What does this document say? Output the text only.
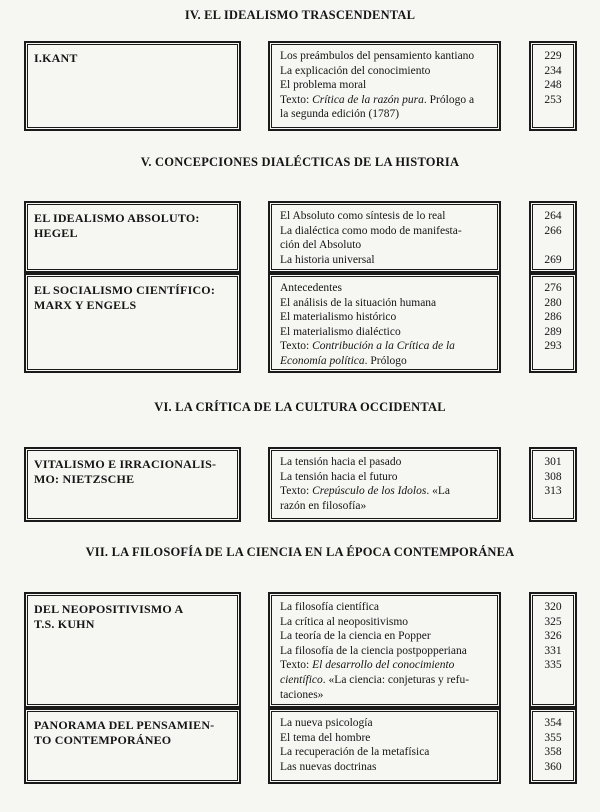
IV. EL IDEALISMO TRASCENDENTAL
V. CONCEPCIONES DIALÉCTICAS DE LA HISTORIA
VI. LA CRÍTICA DE LA CULTURA OCCIDENTAL
VII. LA FILOSOFÍA DE LA CIENCIA EN LA ÉPOCA CONTEMPORÁNEA
I.KANT	Los preámbulos del pensamiento kantiano
La explicación del conocimiento
El problema moral
Texto: Crítica de la razón pura. Prólogo a
la segunda edición (1787)
229
234
248
253
EL IDEALISMO ABSOLUTO:
HEGEL
El Absoluto como síntesis de lo real
La dialéctica como modo de manifesta-
ción del Absoluto
La historia universal
264
266
269
EL SOCIALISMO CIENTÍFICO:
MARX Y ENGELS
Antecedentes
El análisis de la situación humana
El materialismo histórico
El materialismo dialéctico
Texto: Contribución a la Crítica de la
Economía política. Prólogo
276
280
286
289
293
VITALISMO E IRRACIONALIS-
MO: NIETZSCHE
La tensión hacia el pasado
La tensión hacia el futuro
Texto: Crepúsculo de los Idolos. «La
razón en filosofía»
301
308
313
DEL NEOPOSITIVISMO A
T.S. KUHN
La filosofía científica
La crítica al neopositivismo
La teoría de la ciencia en Popper
La filosofía de la ciencia postpopperiana
Texto: El desarrollo del conocimiento
científico. «La ciencia: conjeturas y refu-
taciones»
320
325
326
331
335
PANORAMA DEL PENSAMIEN-
TO CONTEMPORÁNEO
La nueva psicología
El tema del hombre
La recuperación de la metafísica
Las nuevas doctrinas
354
355
358
360
